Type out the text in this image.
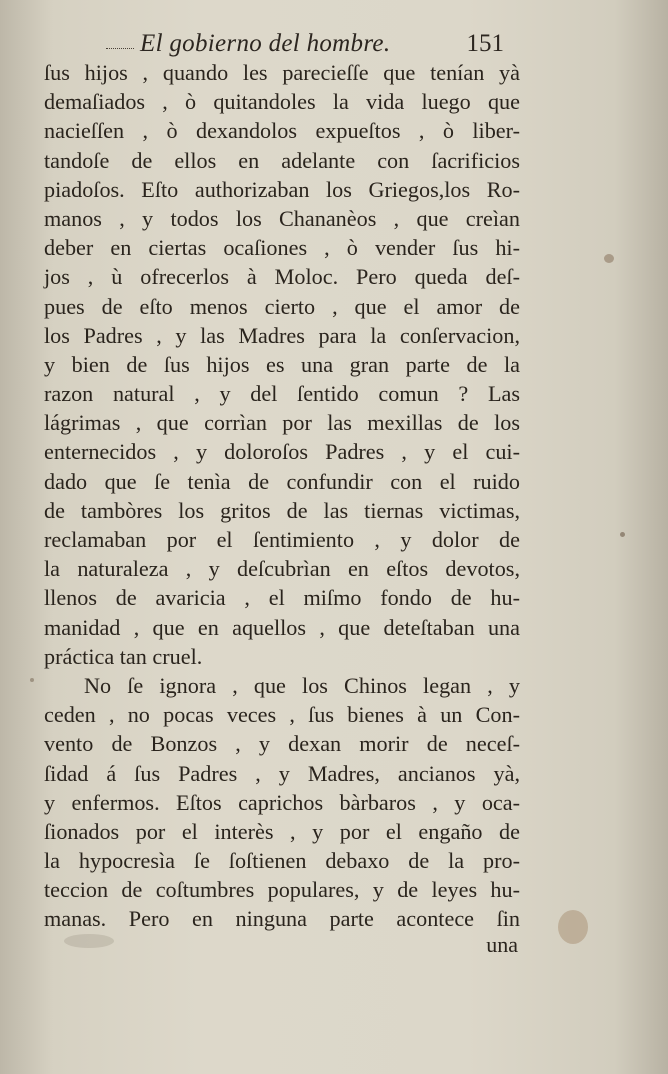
El gobierno del hombre.	151
ſus hijos , quando les parecieſſe que tenían yà
demaſiados , ò quitandoles la vida luego que
nacieſſen , ò dexandolos expueſtos , ò liber-
tandoſe de ellos en adelante con ſacrificios
piadoſos. Eſto authorizaban los Griegos,los Ro-
manos , y todos los Chananèos , que creìan
deber en ciertas ocaſiones , ò vender ſus hi-
jos , ù ofrecerlos à Moloc. Pero queda deſ-
pues de eſto menos cierto , que el amor de
los Padres , y las Madres para la conſervacion,
y bien de ſus hijos es una gran parte de la
razon natural , y del ſentido comun ? Las
lágrimas , que corrìan por las mexillas de los
enternecidos , y doloroſos Padres , y el cui-
dado que ſe tenìa de confundir con el ruido
de tambòres los gritos de las tiernas victimas,
reclamaban por el ſentimiento , y dolor de
la naturaleza , y deſcubrìan en eſtos devotos,
llenos de avaricia , el miſmo fondo de hu-
manidad , que en aquellos , que deteſtaban una
práctica tan cruel.
No ſe ignora , que los Chinos legan , y
ceden , no pocas veces , ſus bienes à un Con-
vento de Bonzos , y dexan morir de neceſ-
ſidad á ſus Padres , y Madres, ancianos yà,
y enfermos. Eſtos caprichos bàrbaros , y oca-
ſionados por el interès , y por el engaño de
la hypocresìa ſe ſoſtienen debaxo de la pro-
teccion de coſtumbres populares, y de leyes hu-
manas. Pero en ninguna parte acontece ſin
una
